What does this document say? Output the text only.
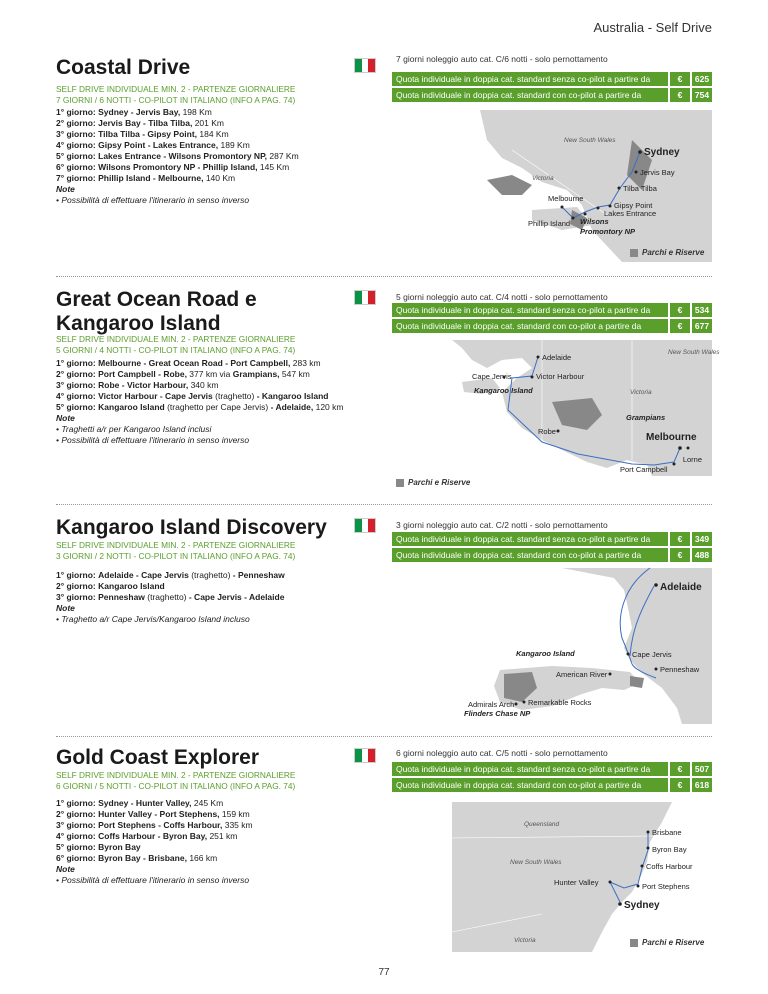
Australia - Self Drive
Coastal Drive
SELF DRIVE INDIVIDUALE MIN. 2 - PARTENZE GIORNALIERE
7 GIORNI / 6 NOTTI - CO-PILOT IN ITALIANO (INFO A PAG. 74)
7 giorni noleggio auto cat. C/6 notti - solo pernottamento
Quota individuale in doppia cat. standard senza co-pilot a partire da	€	625
Quota individuale in doppia cat. standard con co-pilot a partire da	€	754
1° giorno: Sydney - Jervis Bay, 198 Km
2° giorno: Jervis Bay - Tilba Tilba, 201 Km
3° giorno: Tilba Tilba - Gipsy Point, 184 Km
4° giorno: Gipsy Point - Lakes Entrance, 189 Km
5° giorno: Lakes Entrance - Wilsons Promontory NP, 287 Km
6° giorno: Wilsons Promontory NP - Phillip Island, 145 Km
7° giorno: Phillip Island - Melbourne, 140 Km
Note
• Possibilità di effettuare l'itinerario in senso inverso
New South Wales
Victoria
Sydney
Jervis Bay
Tilba Tilba
Melbourne
Gipsy Point
Lakes Entrance
Phillip Island Wilsons
Promontory NP
Parchi e Riserve
Great Ocean Road e
Kangaroo Island
SELF DRIVE INDIVIDUALE MIN. 2 - PARTENZE GIORNALIERE
5 GIORNI / 4 NOTTI - CO-PILOT IN ITALIANO (INFO A PAG. 74)
5 giorni noleggio auto cat. C/4 notti - solo pernottamento
Quota individuale in doppia cat. standard senza co-pilot a partire da	€	534
Quota individuale in doppia cat. standard con co-pilot a partire da	€	677
1° giorno: Melbourne - Great Ocean Road - Port Campbell, 283 km
2° giorno: Port Campbell - Robe, 377 km via Grampians, 547 km
3° giorno: Robe - Victor Harbour, 340 km
4° giorno: Victor Harbour - Cape Jervis (traghetto) - Kangaroo Island
5° giorno: Kangaroo Island (traghetto per Cape Jervis) - Adelaide, 120 km
Note
• Traghetti a/r per Kangaroo Island inclusi
• Possibilità di effettuare l'itinerario in senso inverso
New South Wales
Victoria
Adelaide
Cape Jervis	Victor Harbour
Kangaroo Island
Grampians
Robe
Melbourne
Lorne
Port Campbell
Parchi e Riserve
Kangaroo Island Discovery
SELF DRIVE INDIVIDUALE MIN. 2 - PARTENZE GIORNALIERE
3 GIORNI / 2 NOTTI - CO-PILOT IN ITALIANO (INFO A PAG. 74)
3 giorni noleggio auto cat. C/2 notti - solo pernottamento
Quota individuale in doppia cat. standard senza co-pilot a partire da	€	349
Quota individuale in doppia cat. standard con co-pilot a partire da	€	488
1° giorno: Adelaide - Cape Jervis (traghetto) - Penneshaw
2° giorno: Kangaroo Island
3° giorno: Penneshaw (traghetto) - Cape Jervis - Adelaide
Note
• Traghetto a/r Cape Jervis/Kangaroo Island incluso
Adelaide
Kangaroo Island	Cape Jervis
Penneshaw
American River
Admirals Arch Remarkable Rocks
Flinders Chase NP
Gold Coast Explorer
SELF DRIVE INDIVIDUALE MIN. 2 - PARTENZE GIORNALIERE
6 GIORNI / 5 NOTTI - CO-PILOT IN ITALIANO (INFO A PAG. 74)
6 giorni noleggio auto cat. C/5 notti - solo pernottamento
Quota individuale in doppia cat. standard senza co-pilot a partire da	€	507
Quota individuale in doppia cat. standard con co-pilot a partire da	€	618
1° giorno: Sydney - Hunter Valley, 245 Km
2° giorno: Hunter Valley - Port Stephens, 159 km
3° giorno: Port Stephens - Coffs Harbour, 335 km
4° giorno: Coffs Harbour - Byron Bay, 251 km
5° giorno: Byron Bay
6° giorno: Byron Bay - Brisbane, 166 km
Note
• Possibilità di effettuare l'itinerario in senso inverso
Queensland
New South Wales
Victoria
Brisbane
Byron Bay
Coffs Harbour
Hunter Valley	Port Stephens
Sydney
Parchi e Riserve
77
